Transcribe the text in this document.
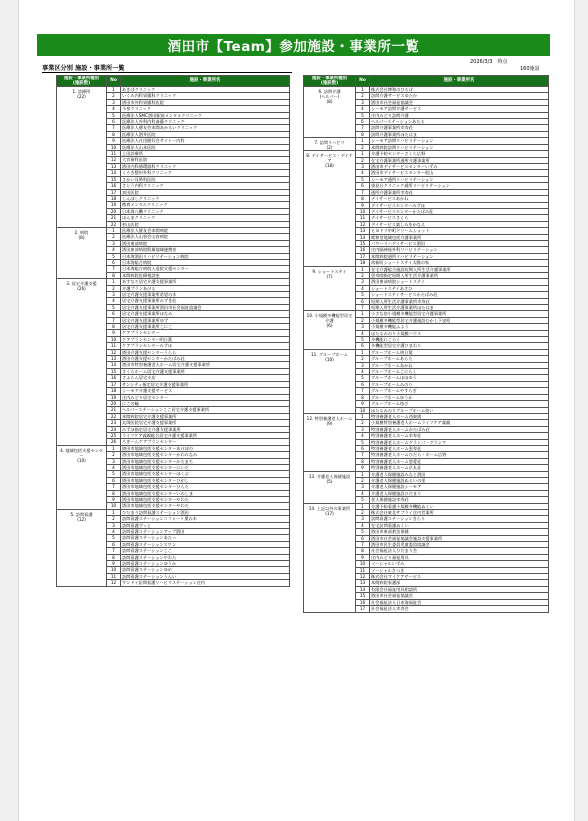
酒田市【Team】参加施設・事業所一覧
2026/3/3　時点
160施設
事業区分別 施設・事業所一覧
施設・事業所種別
(施設数)	No	施設・事業所名

1. 診療所
(22)	1	あきばクリニック
	2	いくみ内科胃腸科クリニック
	3	酒田市外科胃腸科医院
	4	今泉クリニック
	5	医療法人SMC酒田駅前メンタルクリニック
	6	医療法人外科内科斎藤クリニック
	7	医療法人健友会本間あかるいクリニック
	8	医療法人酒井医院
	9	医療法人社団健好会サイトー内科
	10	医療法人山本医院
	11	上田診療所
	12	大宮歯科医院
	13	酒田内科循環器科クリニック
	14	くろき整形外科クリニック
	15	さかい耳鼻科医院
	16	さとう内科クリニック
	17	真田医院
	18	しんぼしクリニック
	19	携育メンタルクリニック
	20	日本海八幡クリニック
	21	ほんまクリニック
	22	杉山医院

2. 病院
(8)	1	医療法人健友会本間病院
	2	医療法人山容会山容病院
	3	酒田東部病院
	4	酒田東部病院附属地域連携室
	5	日本海酒田リハビリテーション病院
	6	日本海総合病院
	7	日本海総合病院入退院支援センター
	8	本間病院医療相談室

3. 居宅介護支援
(26)	1	あすなろ居宅介護支援事業所
	2	介護プランあける
	3	居宅介護支援事業所希望の木
	4	居宅介護支援事業所みずき荘
	5	居宅介護支援事業所酒田市社会福祉協議会
	6	居宅介護支援事業所ほなみ
	7	居宅介護支援事業所ゆず
	8	居宅介護支援事業所こにこ
	9	ケアプランセンター
	10	ケアプランセンター明日葉
	11	ケアプランセンターみずほ
	12	酒田介護支援センターうらら
	13	酒田介護支援センターかたばみ荘
	14	酒田市特別養護老人ホーム居宅介護支援事業所
	15	さくらホーム居宅介護支援事業所
	16	さふらん居宅支店
	17	サンシティ指定居宅介護支援事業所
	18	シーモア介護支援サービス
	19	庄内みどり居宅センター
	20	にこの輪
	21	ヘルパーステーションここ居宅介護支援事業所
	22	本間病院居宅介護支援事業所
	23	丸岡医院居宅介護支援事業所
	24	みずほ指定居宅介護支援事業所
	25	ライフケア義親総合居宅介護支援事業所
	26	ろぎーんケアプランセンター

4. 地域包括支援センター
(10)	1	酒田市地域包括支援センターあけぼの
	2	酒田市地域包括支援センターかわみなみ
	3	酒田市地域包括支援センターかたまち
	4	酒田市地域包括支援センターにいだ
	5	酒田市地域包括支援センターほくぶ
	6	酒田市地域包括支援センターひがし
	7	酒田市地域包括支援センターひらた
	8	酒田市地域包括支援センターいのしま
	9	酒田市地域包括支援センターやわた
	10	酒田市地域包括支援センターやわた

5. 訪問看護
(12)	1	ひだまり訪問看護ステーション酒田
	2	訪問看護ステーションコフォート奥の木
	3	訪問看護ずっと
	4	訪問看護ステーションアップ酒田
	5	訪問看護ステーションあたっ
	6	訪問看護ステーションスワン
	7	訪問看護ステーションここ
	8	訪問看護ステーションやわた
	9	訪問看護ステーションゆうか
	10	訪問看護ステーションゆめ
	11	訪問看護ステーションうんい
	12	ワンドイ訪問看護リハビリステーション庄内
施設・事業所種別
(施設数)	No	施設・事業所名

6. 訪問介護
(ヘルパー)
(8)	1	株式会社博和のひろば
	2	訪問介護サービスゆたか
	3	酒田市社会福祉協議会
	4	シーモア訪問介護サービス
	5	庄内みどり訪問介護
	6	ヘルパーステーションあたる
	7	訪問介護事業所幸寿荘
	8	訪問介護事業所ほたはま

7. 訪問リハビリ
(2)	1	シーモア訪問リハビリテーション
	2	本間病院訪問リハビリテーション

8. デイサービス・デイケア
(18)	1	介護予防センターさくら広野
	2	在宅介護事業所通所介護事業所
	3	酒田市デイサービスセンターいずみ
	4	酒田市デイサービスセンター松山
	5	シーモア通所リハビリテーション
	6	重見台クリニック通所リハビリテーション
	7	通所介護事業所幸寿荘
	8	デイサービスあかね
	9	デイサービスセンターみずほ
	10	デイサービスセンターかたばみ荘
	11	デイサービスさくら
	12	デイサービス楽しみをかなえ
	13	ヒヨドリ中町ドリームショット
	14	晴和堂地域包括介護事業所
	15	パワーリハデイサービス酒田
	16	庄内脳神経外科リハビリテーション
	17	本間病院通所リハビリテーション
	18	南新町ショートステイ太陽の家

9. ショートステイ
(7)	1	在宅介護総合施設短期入所生活介護事業所
	2	恵寿園指定短期入所生活介護事業所
	3	酒田東部病院ショートステイ
	4	ショートステイあさひ
	5	ショートステイサービスかたばみ荘
	6	短期入所生活介護事業所幸寿荘
	7	短期入所生活介護事業所ほたはま

10. 小規模多機能型居宅介護
(6)	1	小さな宿小規模多機能型居宅介護事業所
	2	小規模多機能型居宅介護施設むかし下安町
	3	小規模多機能ふよう
	4	ほたるみのり小規模ハウス
	5	多機能にこらく
	6	多機能型居宅介護ひまわり

11. グループホーム
(10)	1	グループホーム明日葉
	2	グループホームあらた
	3	グループホームあかね
	4	グループホームこにらく
	5	グループホームほほゆう
	6	グループホームみのり
	7	グループホームやすらぎ
	8	グループホームゆうか
	9	グループホーム結び
	10	ほたるみのりグループホーム結い

12. 特別養護老人ホーム
(9)	1	特別養護老人ホーム西東園
	2	小規模特別養護老人ホームライフケア義親
	3	特別養護老人ホームかたばみ荘
	4	特別養護老人ホーム幸寿荘
	5	特別養護老人ホームグランパ・グランマ
	6	特別養護老人ホーム恵寿荘
	7	特別養護老人ホームひだら・ホーム広野
	8	特別養護老人ホーム悠愛荘
	9	特別養護老人ホーム京丸荘

13. 介護老人保健施設
(5)	1	介護老人保健施設みなと酒田
	2	介護老人保健施設ぬるいの里
	3	介護老人保健施設シーモア
	4	介護老人保健施設ひだまり
	5	老人保健施設幸寿荘

14. 上記以外の事業所
(17)	1	介護予防看護小規模多機能ぬくい
	2	株式会社東北サプライ庄内営業所
	3	訪問看護ステーションきらり
	4	在宅訪問看護ぬくい
	5	酒田市東部救急保健
	6	酒田市社会福祉協議会施設支援事業所
	7	酒田市民生委員児童委員協議会
	8	社会福祉法人ひだまり会
	9	庄内みどり福祉用具
	10	ソーシャルいずみ
	11	ソーシャルさつき
	12	株式会社マイケアサービス
	13	本間病院看護部
	14	有限会社福祉用具相談所
	15	酒田市社会福祉協議会
	16	社会福祉法人日本海福祉会
	17	社会福祉法人幸寿会
